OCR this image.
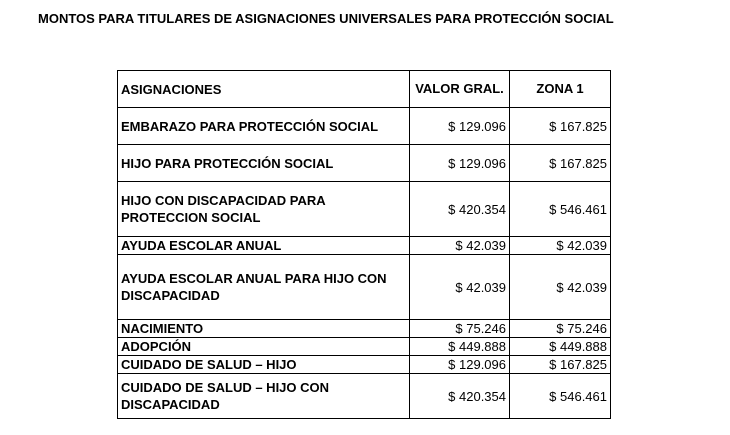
MONTOS PARA TITULARES DE ASIGNACIONES UNIVERSALES PARA PROTECCIÓN SOCIAL
ASIGNACIONES	VALOR GRAL.	ZONA 1
EMBARAZO PARA PROTECCIÓN SOCIAL	$ 129.096	$ 167.825
HIJO PARA PROTECCIÓN SOCIAL	$ 129.096	$ 167.825
HIJO CON DISCAPACIDAD PARA PROTECCION SOCIAL	$ 420.354	$ 546.461
AYUDA ESCOLAR ANUAL	$ 42.039	$ 42.039
AYUDA ESCOLAR ANUAL PARA HIJO CON DISCAPACIDAD	$ 42.039	$ 42.039
NACIMIENTO	$ 75.246	$ 75.246
ADOPCIÓN	$ 449.888	$ 449.888
CUIDADO DE SALUD – HIJO	$ 129.096	$ 167.825
CUIDADO DE SALUD – HIJO CON DISCAPACIDAD	$ 420.354	$ 546.461
